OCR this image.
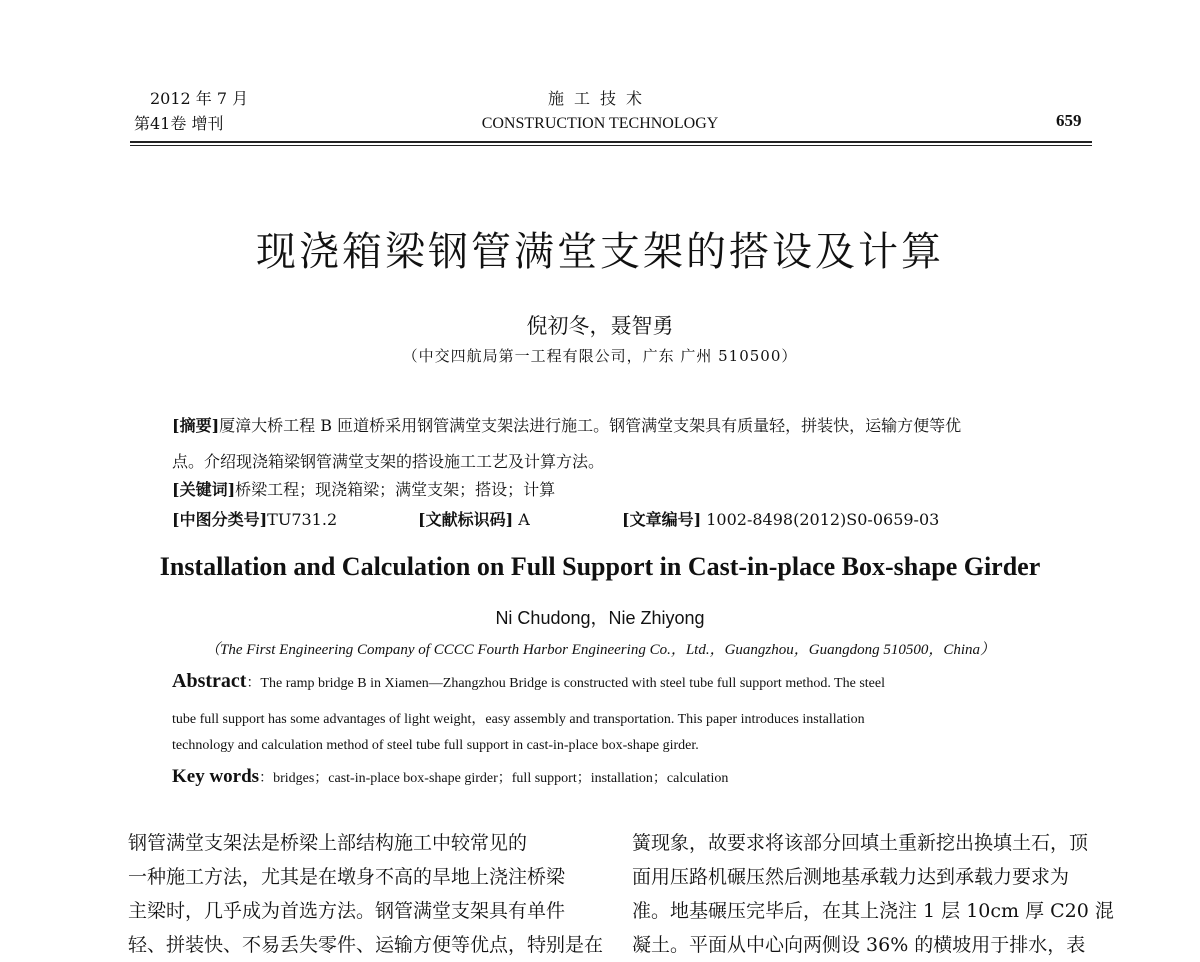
2012 年 7 月
第41卷 增刊
施工技术
CONSTRUCTION TECHNOLOGY	659
现浇箱梁钢管满堂支架的搭设及计算
倪初冬，聂智勇
（中交四航局第一工程有限公司，广东 广州 510500）
[摘要]厦漳大桥工程 B 匝道桥采用钢管满堂支架法进行施工。钢管满堂支架具有质量轻，拼装快，运输方便等优
点。介绍现浇箱梁钢管满堂支架的搭设施工工艺及计算方法。
[关键词]桥梁工程；现浇箱梁；满堂支架；搭设；计算
[中图分类号]TU731.2	[文献标识码] A	[文章编号] 1002-8498(2012)S0-0659-03
Installation and Calculation on Full Support in Cast-in-place Box-shape Girder
Ni Chudong，Nie Zhiyong
（The First Engineering Company of CCCC Fourth Harbor Engineering Co.，Ltd.，Guangzhou，Guangdong 510500，China）
Abstract：The ramp bridge B in Xiamen—Zhangzhou Bridge is constructed with steel tube full support method. The steel
tube full support has some advantages of light weight，easy assembly and transportation. This paper introduces installation
technology and calculation method of steel tube full support in cast-in-place box-shape girder.
Key words：bridges；cast-in-place box-shape girder；full support；installation；calculation
钢管满堂支架法是桥梁上部结构施工中较常见的
一种施工方法，尤其是在墩身不高的旱地上浇注桥梁
主梁时，几乎成为首选方法。钢管满堂支架具有单件
轻、拼装快、不易丢失零件、运输方便等优点，特别是在
簧现象，故要求将该部分回填土重新挖出换填土石，顶
面用压路机碾压然后测地基承载力达到承载力要求为
准。地基碾压完毕后，在其上浇注 1 层 10cm 厚 C20 混
凝土。平面从中心向两侧设 36% 的横坡用于排水，表
